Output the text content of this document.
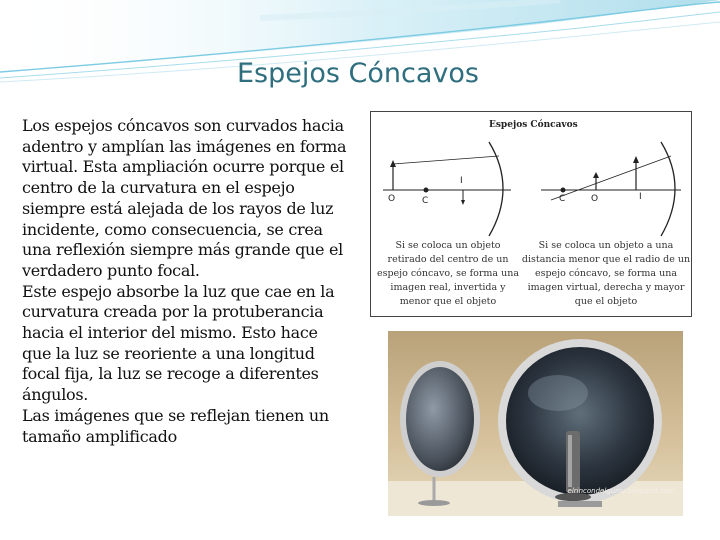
Espejos Cóncavos

Los espejos cóncavos son curvados hacia adentro y amplían las imágenes en forma virtual. Esta ampliación ocurre porque el centro de la curvatura en el espejo siempre está alejada de los rayos de luz incidente, como consecuencia, se crea una reflexión siempre más grande que el verdadero punto focal.

Este espejo absorbe la luz que cae en la curvatura creada por la protuberancia hacia el interior del mismo. Esto hace que la luz se reoriente a una longitud focal fija, la luz se recoge a diferentes ángulos.

Las imágenes que se reflejan tienen un tamaño amplificado

Espejos Cóncavos
O	C
I
C	O	I
Si se coloca un objeto retirado del centro de un espejo cóncavo, se forma una imagen real, invertida y menor que el objeto
Si se coloca un objeto a una distancia menor que el radio de un espejo cóncavo, se forma una imagen virtual, derecha y mayor que el objeto
elrincondelgurru.blogspot.com
